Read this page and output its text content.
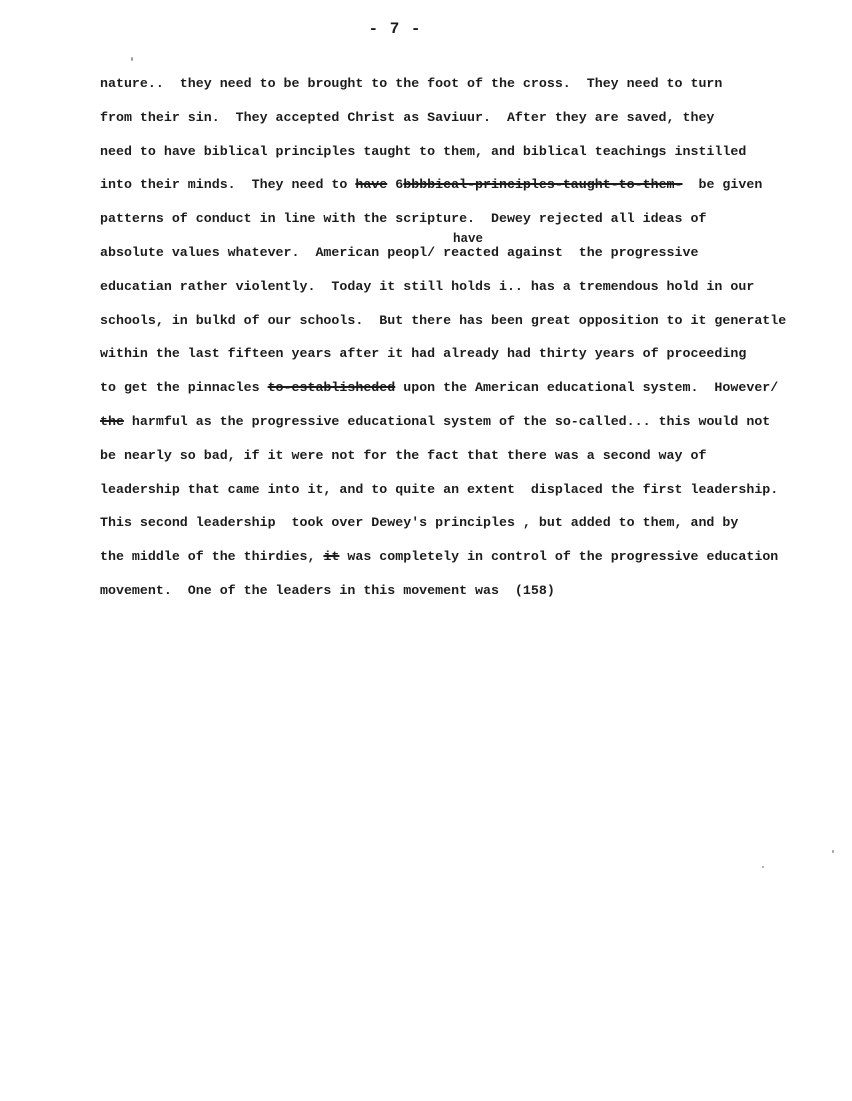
- 7 -
nature..  they need to be brought to the foot of the cross.  They need to turn
from their sin.  They accepted Christ as Saviuur.  After they are saved, they
need to have biblical principles taught to them, and biblical teachings instilled
into their minds.  They need to have 6bbbbical-principles-taught-to-them-  be given
patterns of conduct in line with the scripture.  Dewey rejected all ideas of
absolute values whatever.  American peopl/ reacted against  the progressive
have
educatian rather violently.  Today it still holds i.. has a tremendous hold in our
schools, in bulkd of our schools.  But there has been great opposition to it generatle
within the last fifteen years after it had already had thirty years of proceeding
to get the pinnacles to-establisheded upon the American educational system.  However/
the harmful as the progressive educational system of the so-called... this would not
be nearly so bad, if it were not for the fact that there was a second way of
leadership that came into it, and to quite an extent  displaced the first leadership.
This second leadership  took over Dewey's principles , but added to them, and by
the middle of the thirdies, it was completely in control of the progressive education
movement.  One of the leaders in this movement was  (158)
